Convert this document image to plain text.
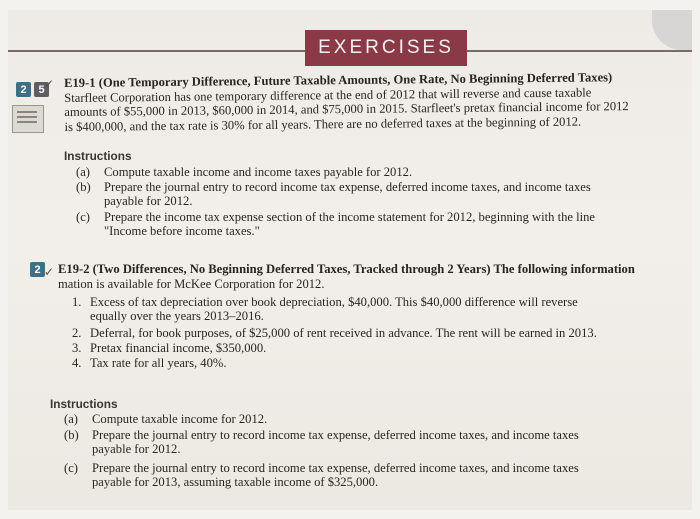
EXERCISES
2	5 ✓ E19-1 (One Temporary Difference, Future Taxable Amounts, One Rate, No Beginning Deferred Taxes)
Starfleet Corporation has one temporary difference at the end of 2012 that will reverse and cause taxable
amounts of $55,000 in 2013, $60,000 in 2014, and $75,000 in 2015. Starfleet's pretax financial income for 2012
is $400,000, and the tax rate is 30% for all years. There are no deferred taxes at the beginning of 2012.
Instructions
(a) Compute taxable income and income taxes payable for 2012.
(b) Prepare the journal entry to record income tax expense, deferred income taxes, and income taxes
payable for 2012.
(c) Prepare the income tax expense section of the income statement for 2012, beginning with the line
"Income before income taxes."
2 ✓ E19-2 (Two Differences, No Beginning Deferred Taxes, Tracked through 2 Years) The following information
mation is available for McKee Corporation for 2012.
1. Excess of tax depreciation over book depreciation, $40,000. This $40,000 difference will reverse
equally over the years 2013–2016.
2. Deferral, for book purposes, of $25,000 of rent received in advance. The rent will be earned in 2013.
3. Pretax financial income, $350,000.
4. Tax rate for all years, 40%.
Instructions
(a) Compute taxable income for 2012.
(b) Prepare the journal entry to record income tax expense, deferred income taxes, and income taxes
payable for 2012.
(c) Prepare the journal entry to record income tax expense, deferred income taxes, and income taxes
payable for 2013, assuming taxable income of $325,000.
